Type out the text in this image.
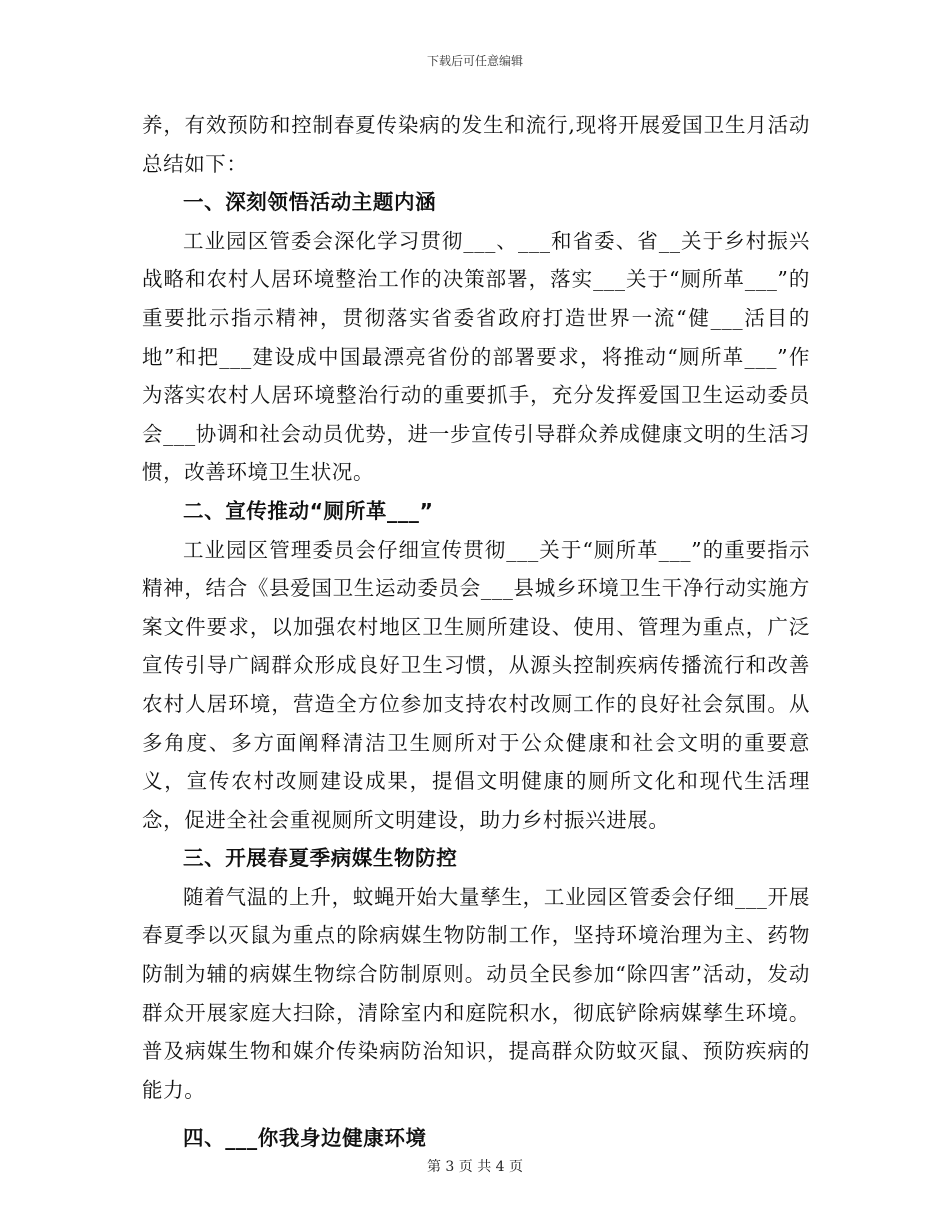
下载后可任意编辑

养，有效预防和控制春夏传染病的发生和流行,现将开展爱国卫生月活动总结如下：

一、深刻领悟活动主题内涵

工业园区管委会深化学习贯彻___、___和省委、省__关于乡村振兴战略和农村人居环境整治工作的决策部署，落实___关于“厕所革___”的重要批示指示精神，贯彻落实省委省政府打造世界一流“健___活目的地”和把___建设成中国最漂亮省份的部署要求，将推动“厕所革___”作为落实农村人居环境整治行动的重要抓手，充分发挥爱国卫生运动委员会___协调和社会动员优势，进一步宣传引导群众养成健康文明的生活习惯，改善环境卫生状况。

二、宣传推动“厕所革___”

工业园区管理委员会仔细宣传贯彻___关于“厕所革___”的重要指示精神，结合《县爱国卫生运动委员会___县城乡环境卫生干净行动实施方案文件要求，以加强农村地区卫生厕所建设、使用、管理为重点，广泛宣传引导广阔群众形成良好卫生习惯，从源头控制疾病传播流行和改善农村人居环境，营造全方位参加支持农村改厕工作的良好社会氛围。从多角度、多方面阐释清洁卫生厕所对于公众健康和社会文明的重要意义，宣传农村改厕建设成果，提倡文明健康的厕所文化和现代生活理念，促进全社会重视厕所文明建设，助力乡村振兴进展。

三、开展春夏季病媒生物防控

随着气温的上升，蚊蝇开始大量孳生，工业园区管委会仔细___开展春夏季以灭鼠为重点的除病媒生物防制工作，坚持环境治理为主、药物防制为辅的病媒生物综合防制原则。动员全民参加“除四害”活动，发动群众开展家庭大扫除，清除室内和庭院积水，彻底铲除病媒孳生环境。普及病媒生物和媒介传染病防治知识，提高群众防蚊灭鼠、预防疾病的能力。

四、___你我身边健康环境
第 3 页 共 4 页
